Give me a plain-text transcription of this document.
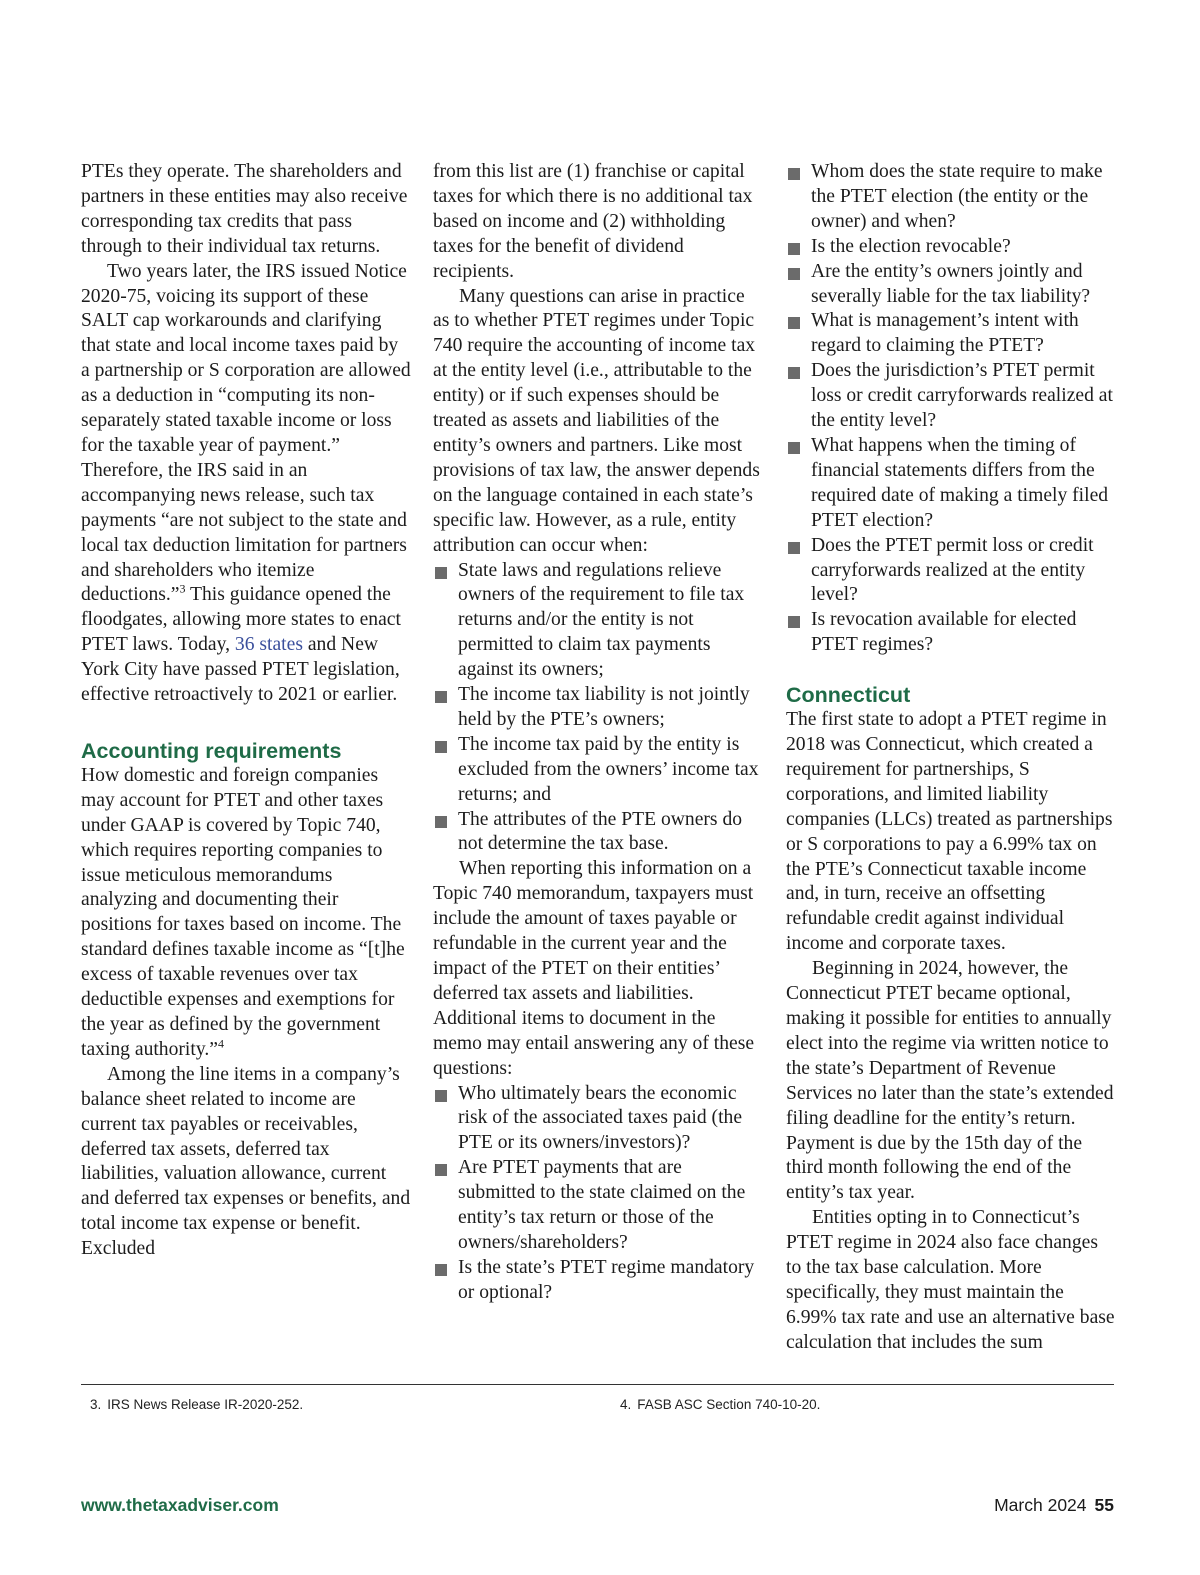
PTEs they operate. The shareholders and partners in these entities may also receive corresponding tax credits that pass through to their individual tax returns.

Two years later, the IRS issued Notice 2020-75, voicing its support of these SALT cap workarounds and clarifying that state and local income taxes paid by a partnership or S corporation are allowed as a deduction in “computing its non-separately stated taxable income or loss for the taxable year of payment.” Therefore, the IRS said in an accompanying news release, such tax payments “are not subject to the state and local tax deduction limitation for partners and shareholders who itemize deductions.”$^3$ This guidance opened the floodgates, allowing more states to enact PTET laws. Today, 36 states and New York City have passed PTET legislation, effective retroactively to 2021 or earlier.

Accounting requirements

How domestic and foreign companies may account for PTET and other taxes under GAAP is covered by Topic 740, which requires reporting companies to issue meticulous memorandums analyzing and documenting their positions for taxes based on income. The standard defines taxable income as “[t]he excess of taxable revenues over tax deductible expenses and exemptions for the year as defined by the government taxing authority.”$^4$

Among the line items in a company’s balance sheet related to income are current tax payables or receivables, deferred tax assets, deferred tax liabilities, valuation allowance, current and deferred tax expenses or benefits, and total income tax expense or benefit. Excluded

from this list are (1) franchise or capital taxes for which there is no additional tax based on income and (2) withholding taxes for the benefit of dividend recipients.

Many questions can arise in practice as to whether PTET regimes under Topic 740 require the accounting of income tax at the entity level (i.e., attributable to the entity) or if such expenses should be treated as assets and liabilities of the entity’s owners and partners. Like most provisions of tax law, the answer depends on the language contained in each state’s specific law. However, as a rule, entity attribution can occur when:

State laws and regulations relieve owners of the requirement to file tax returns and/or the entity is not permitted to claim tax payments against its owners;
The income tax liability is not jointly held by the PTE’s owners;
The income tax paid by the entity is excluded from the owners’ income tax returns; and
The attributes of the PTE owners do not determine the tax base.

When reporting this information on a Topic 740 memorandum, taxpayers must include the amount of taxes payable or refundable in the current year and the impact of the PTET on their entities’ deferred tax assets and liabilities. Additional items to document in the memo may entail answering any of these questions:

Who ultimately bears the economic risk of the associated taxes paid (the PTE or its owners/investors)?
Are PTET payments that are submitted to the state claimed on the entity’s tax return or those of the owners/shareholders?
Is the state’s PTET regime mandatory or optional?
Whom does the state require to make the PTET election (the entity or the owner) and when?
Is the election revocable?
Are the entity’s owners jointly and severally liable for the tax liability?
What is management’s intent with regard to claiming the PTET?
Does the jurisdiction’s PTET permit loss or credit carryforwards realized at the entity level?
What happens when the timing of financial statements differs from the required date of making a timely filed PTET election?
Does the PTET permit loss or credit carryforwards realized at the entity level?
Is revocation available for elected PTET regimes?
Connecticut

The first state to adopt a PTET regime in 2018 was Connecticut, which created a requirement for partnerships, S corporations, and limited liability companies (LLCs) treated as partnerships or S corporations to pay a 6.99% tax on the PTE’s Connecticut taxable income and, in turn, receive an offsetting refundable credit against individual income and corporate taxes.

Beginning in 2024, however, the Connecticut PTET became optional, making it possible for entities to annually elect into the regime via written notice to the state’s Department of Revenue Services no later than the state’s extended filing deadline for the entity’s return. Payment is due by the 15th day of the third month following the end of the entity’s tax year.

Entities opting in to Connecticut’s PTET regime in 2024 also face changes to the tax base calculation. More specifically, they must maintain the 6.99% tax rate and use an alternative base calculation that includes the sum

3. IRS News Release IR-2020-252.	4. FASB ASC Section 740-10-20.
www.thetaxadviser.com	March 2024 55
